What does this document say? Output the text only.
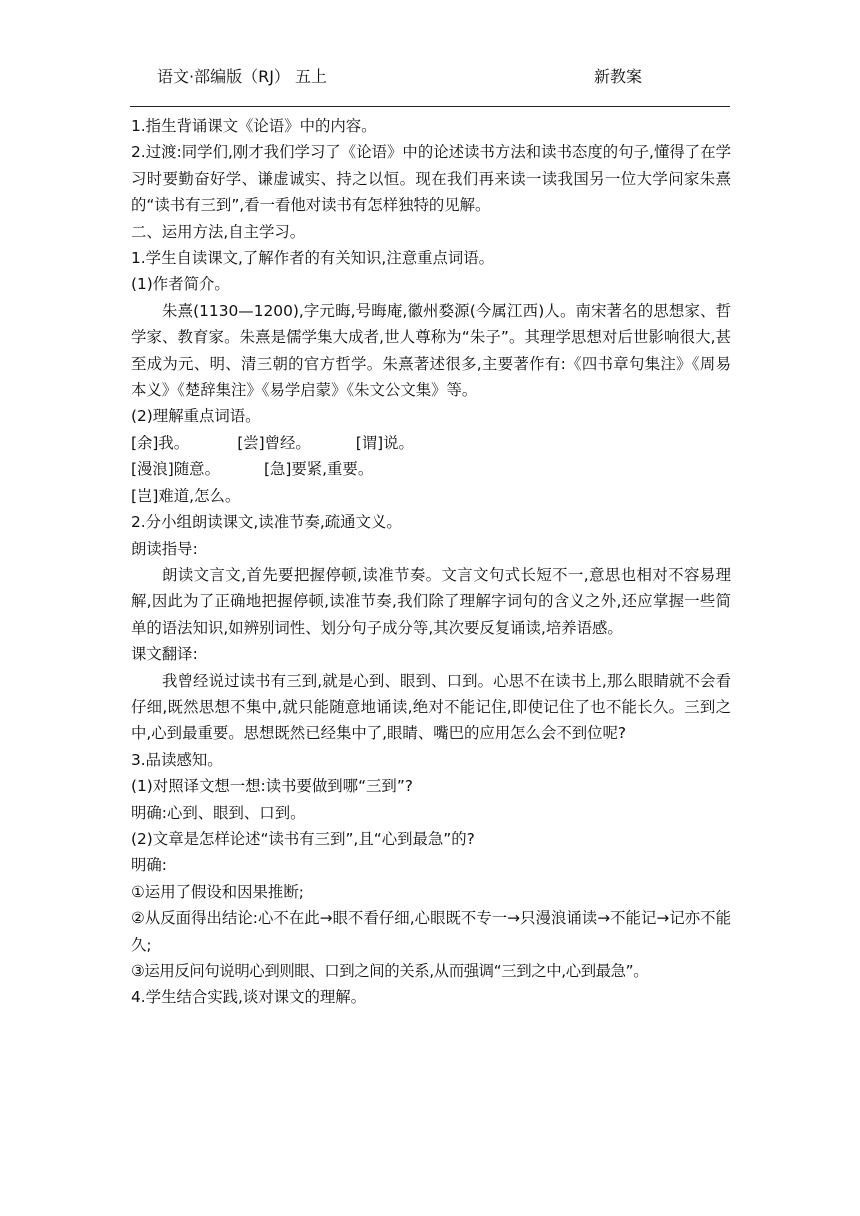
语文·部编版（RJ） 五上	新教案

1.指生背诵课文《论语》中的内容。

2.过渡:同学们,刚才我们学习了《论语》中的论述读书方法和读书态度的句子,懂得了在学习时要勤奋好学、谦虚诚实、持之以恒。现在我们再来读一读我国另一位大学问家朱熹的“读书有三到”,看一看他对读书有怎样独特的见解。

二、运用方法,自主学习。

1.学生自读课文,了解作者的有关知识,注意重点词语。

(1)作者简介。

朱熹(1130—1200),字元晦,号晦庵,徽州婺源(今属江西)人。南宋著名的思想家、哲学家、教育家。朱熹是儒学集大成者,世人尊称为“朱子”。其理学思想对后世影响很大,甚至成为元、明、清三朝的官方哲学。朱熹著述很多,主要著作有:《四书章句集注》《周易本义》《楚辞集注》《易学启蒙》《朱文公文集》等。

(2)理解重点词语。

[余]我。	[尝]曾经。	[谓]说。
[漫浪]随意。	[急]要紧,重要。

[岂]难道,怎么。

2.分小组朗读课文,读准节奏,疏通文义。

朗读指导:

朗读文言文,首先要把握停顿,读准节奏。文言文句式长短不一,意思也相对不容易理解,因此为了正确地把握停顿,读准节奏,我们除了理解字词句的含义之外,还应掌握一些简单的语法知识,如辨别词性、划分句子成分等,其次要反复诵读,培养语感。

课文翻译:

我曾经说过读书有三到,就是心到、眼到、口到。心思不在读书上,那么眼睛就不会看仔细,既然思想不集中,就只能随意地诵读,绝对不能记住,即使记住了也不能长久。三到之中,心到最重要。思想既然已经集中了,眼睛、嘴巴的应用怎么会不到位呢?

3.品读感知。

(1)对照译文想一想:读书要做到哪“三到”?

明确:心到、眼到、口到。

(2)文章是怎样论述“读书有三到”,且“心到最急”的?

明确:

①运用了假设和因果推断;

②从反面得出结论:心不在此→眼不看仔细,心眼既不专一→只漫浪诵读→不能记→记亦不能久;

③运用反问句说明心到则眼、口到之间的关系,从而强调“三到之中,心到最急”。

4.学生结合实践,谈对课文的理解。
